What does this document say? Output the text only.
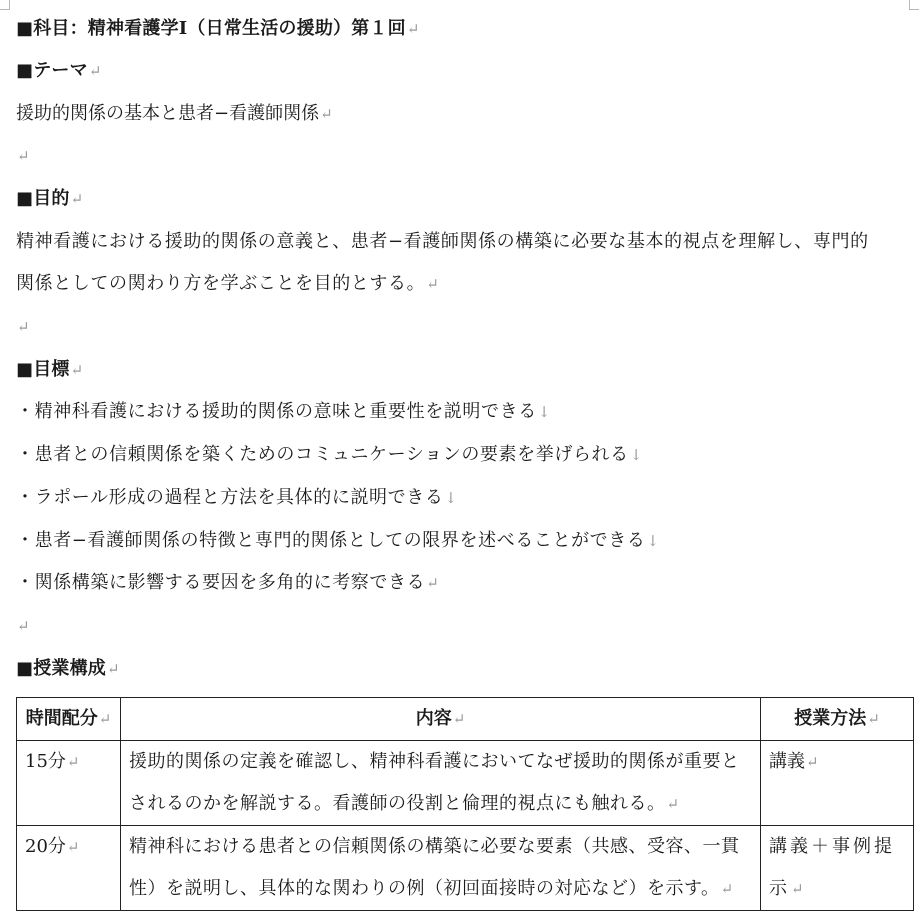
■科目：精神看護学Ⅰ（日常生活の援助）第１回↵
■テーマ↵
援助的関係の基本と患者−看護師関係↵
↵
■目的↵
精神看護における援助的関係の意義と、患者−看護師関係の構築に必要な基本的視点を理解し、専門的
関係としての関わり方を学ぶことを目的とする。↵
↵
■目標↵
・精神科看護における援助的関係の意味と重要性を説明できる↓
・患者との信頼関係を築くためのコミュニケーションの要素を挙げられる↓
・ラポール形成の過程と方法を具体的に説明できる↓
・患者−看護師関係の特徴と専門的関係としての限界を述べることができる↓
・関係構築に影響する要因を多角的に考察できる↵
↵
■授業構成↵
時間配分↵	内容↵	授業方法↵
15分↵	援助的関係の定義を確認し、精神科看護においてなぜ援助的関係が重要とされるのかを解説する。看護師の役割と倫理的視点にも触れる。↵	講義↵
20分↵	精神科における患者との信頼関係の構築に必要な要素（共感、受容、一貫性）を説明し、具体的な関わりの例（初回面接時の対応など）を示す。↵	講義＋事例提示↵
